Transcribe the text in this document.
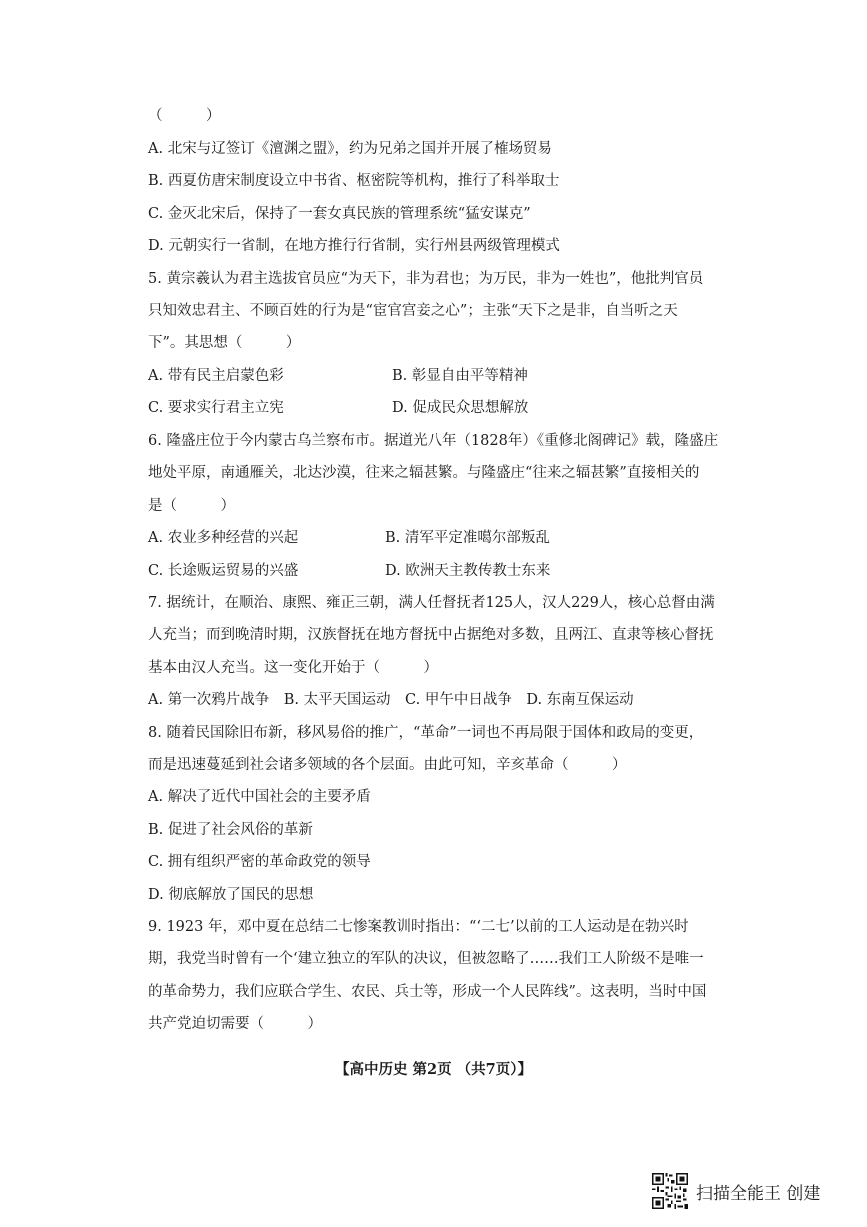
（　　　）
A. 北宋与辽签订《澶渊之盟》，约为兄弟之国并开展了榷场贸易
B. 西夏仿唐宋制度设立中书省、枢密院等机构，推行了科举取士
C. 金灭北宋后，保持了一套女真民族的管理系统“猛安谋克”
D. 元朝实行一省制，在地方推行行省制，实行州县两级管理模式
5. 黄宗羲认为君主选拔官员应“为天下，非为君也；为万民，非为一姓也”，他批判官员
只知效忠君主、不顾百姓的行为是“宦官宫妾之心”；主张“天下之是非，自当听之天
下”。其思想（　　　）
A. 带有民主启蒙色彩	B. 彰显自由平等精神
C. 要求实行君主立宪	D. 促成民众思想解放
6. 隆盛庄位于今内蒙古乌兰察布市。据道光八年（1828年）《重修北阁碑记》载，隆盛庄
地处平原，南通雁关，北达沙漠，往来之辐甚繁。与隆盛庄“往来之辐甚繁”直接相关的
是（　　　）
A. 农业多种经营的兴起	B. 清军平定准噶尔部叛乱
C. 长途贩运贸易的兴盛	D. 欧洲天主教传教士东来
7. 据统计，在顺治、康熙、雍正三朝，满人任督抚者125人，汉人229人，核心总督由满
人充当；而到晚清时期，汉族督抚在地方督抚中占据绝对多数，且两江、直隶等核心督抚
基本由汉人充当。这一变化开始于（　　　）
A. 第一次鸦片战争　B. 太平天国运动　C. 甲午中日战争　D. 东南互保运动
8. 随着民国除旧布新，移风易俗的推广，“革命”一词也不再局限于国体和政局的变更，
而是迅速蔓延到社会诸多领域的各个层面。由此可知，辛亥革命（　　　）
A. 解决了近代中国社会的主要矛盾
B. 促进了社会风俗的革新
C. 拥有组织严密的革命政党的领导
D. 彻底解放了国民的思想
9. 1923 年，邓中夏在总结二七惨案教训时指出：“‘二七’以前的工人运动是在勃兴时
期，我党当时曾有一个‘建立独立的军队的决议，但被忽略了……我们工人阶级不是唯一
的革命势力，我们应联合学生、农民、兵士等，形成一个人民阵线”。这表明，当时中国
共产党迫切需要（　　　）
【高中历史 第2页 （共7页）】
扫描全能王 创建
